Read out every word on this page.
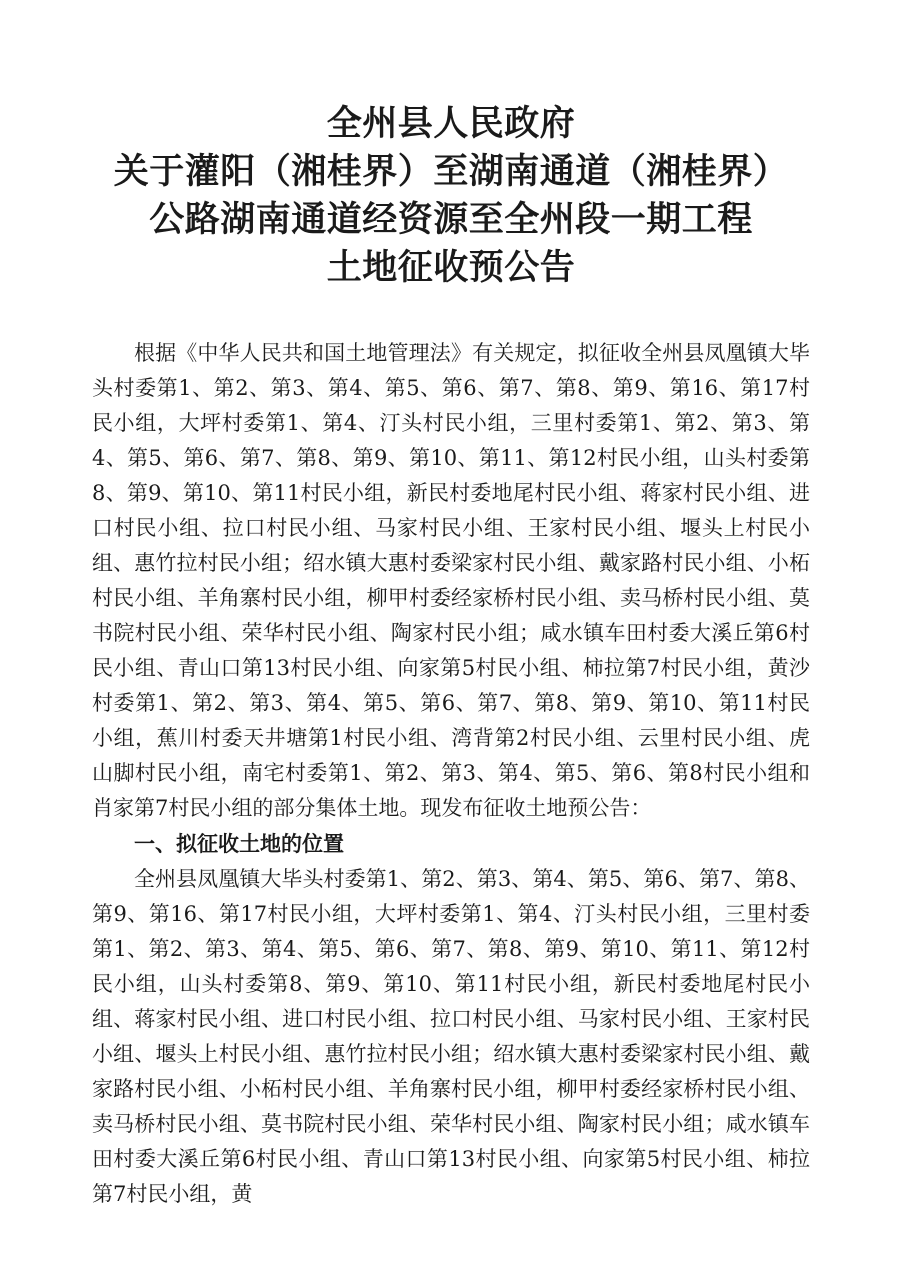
全州县人民政府
关于灌阳（湘桂界）至湖南通道（湘桂界）
公路湖南通道经资源至全州段一期工程
土地征收预公告

根据《中华人民共和国土地管理法》有关规定，拟征收全州县凤凰镇大毕头村委第1、第2、第3、第4、第5、第6、第7、第8、第9、第16、第17村民小组，大坪村委第1、第4、汀头村民小组，三里村委第1、第2、第3、第4、第5、第6、第7、第8、第9、第10、第11、第12村民小组，山头村委第8、第9、第10、第11村民小组，新民村委地尾村民小组、蒋家村民小组、进口村民小组、拉口村民小组、马家村民小组、王家村民小组、堰头上村民小组、惠竹拉村民小组；绍水镇大惠村委梁家村民小组、戴家路村民小组、小柘村民小组、羊角寨村民小组，柳甲村委经家桥村民小组、卖马桥村民小组、莫书院村民小组、荣华村民小组、陶家村民小组；咸水镇车田村委大溪丘第6村民小组、青山口第13村民小组、向家第5村民小组、柿拉第7村民小组，黄沙村委第1、第2、第3、第4、第5、第6、第7、第8、第9、第10、第11村民小组，蕉川村委天井塘第1村民小组、湾背第2村民小组、云里村民小组、虎山脚村民小组，南宅村委第1、第2、第3、第4、第5、第6、第8村民小组和肖家第7村民小组的部分集体土地。现发布征收土地预公告：

一、拟征收土地的位置

全州县凤凰镇大毕头村委第1、第2、第3、第4、第5、第6、第7、第8、第9、第16、第17村民小组，大坪村委第1、第4、汀头村民小组，三里村委第1、第2、第3、第4、第5、第6、第7、第8、第9、第10、第11、第12村民小组，山头村委第8、第9、第10、第11村民小组，新民村委地尾村民小组、蒋家村民小组、进口村民小组、拉口村民小组、马家村民小组、王家村民小组、堰头上村民小组、惠竹拉村民小组；绍水镇大惠村委梁家村民小组、戴家路村民小组、小柘村民小组、羊角寨村民小组，柳甲村委经家桥村民小组、卖马桥村民小组、莫书院村民小组、荣华村民小组、陶家村民小组；咸水镇车田村委大溪丘第6村民小组、青山口第13村民小组、向家第5村民小组、柿拉第7村民小组，黄
